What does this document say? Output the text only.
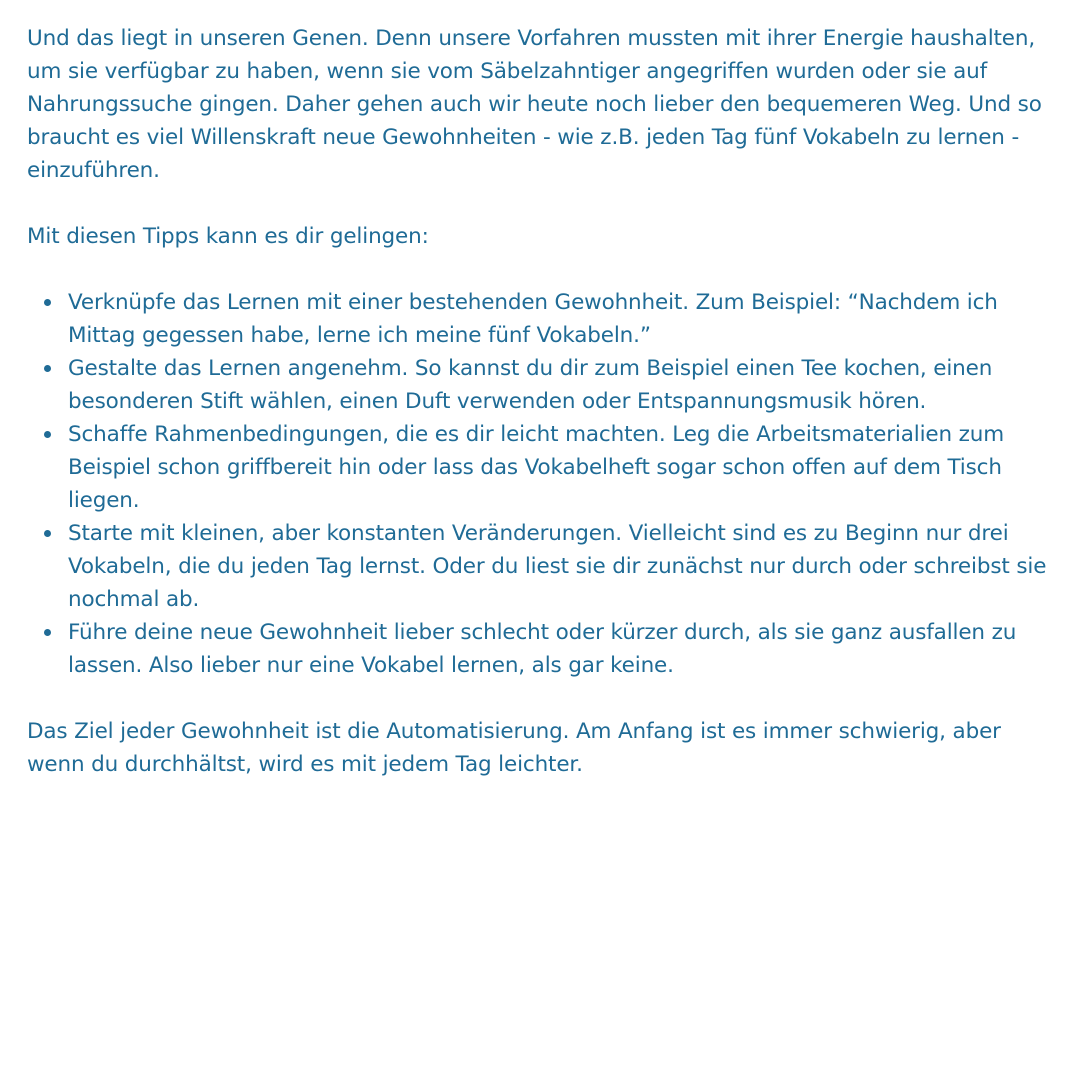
Und das liegt in unseren Genen. Denn unsere Vorfahren mussten mit ihrer Energie haushalten, um sie verfügbar zu haben, wenn sie vom Säbelzahntiger angegriffen wurden oder sie auf Nahrungssuche gingen. Daher gehen auch wir heute noch lieber den bequemeren Weg. Und so braucht es viel Willenskraft neue Gewohnheiten - wie z.B. jeden Tag fünf Vokabeln zu lernen - einzuführen.

Mit diesen Tipps kann es dir gelingen:

Verknüpfe das Lernen mit einer bestehenden Gewohnheit. Zum Beispiel: “Nachdem ich Mittag gegessen habe, lerne ich meine fünf Vokabeln.”
Gestalte das Lernen angenehm. So kannst du dir zum Beispiel einen Tee kochen, einen besonderen Stift wählen, einen Duft verwenden oder Entspannungsmusik hören.
Schaffe Rahmenbedingungen, die es dir leicht machten. Leg die Arbeitsmaterialien zum Beispiel schon griffbereit hin oder lass das Vokabelheft sogar schon offen auf dem Tisch liegen.
Starte mit kleinen, aber konstanten Veränderungen. Vielleicht sind es zu Beginn nur drei Vokabeln, die du jeden Tag lernst. Oder du liest sie dir zunächst nur durch oder schreibst sie nochmal ab.
Führe deine neue Gewohnheit lieber schlecht oder kürzer durch, als sie ganz ausfallen zu lassen. Also lieber nur eine Vokabel lernen, als gar keine.

Das Ziel jeder Gewohnheit ist die Automatisierung. Am Anfang ist es immer schwierig, aber wenn du durchhältst, wird es mit jedem Tag leichter.
